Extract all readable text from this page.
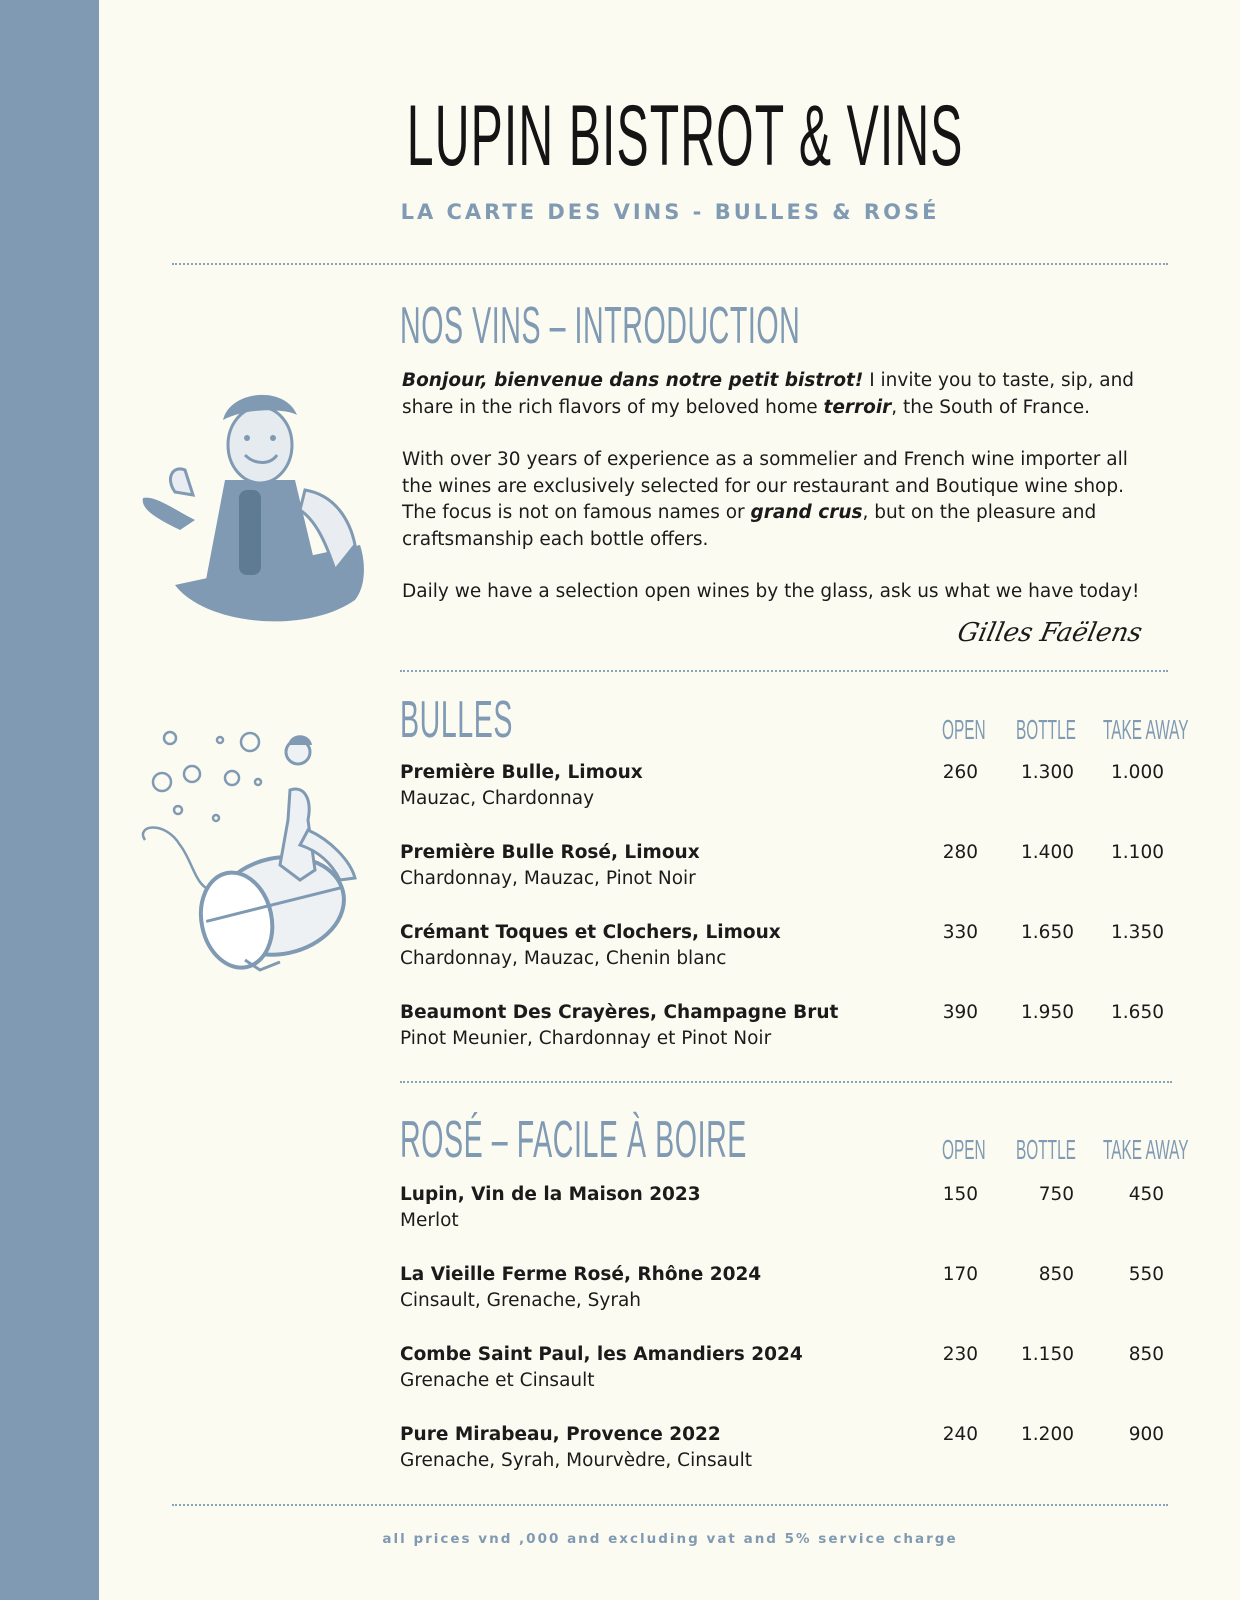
LUPIN BISTROT & VINS
LA CARTE DES VINS - BULLES & ROSÉ
NOS VINS – INTRODUCTION

Bonjour, bienvenue dans notre petit bistrot! I invite you to taste, sip, and share in the rich flavors of my beloved home terroir, the South of France.

With over 30 years of experience as a sommelier and French wine importer all the wines are exclusively selected for our restaurant and Boutique wine shop. The focus is not on famous names or grand crus, but on the pleasure and craftsmanship each bottle offers.

Daily we have a selection open wines by the glass, ask us what we have today!

Gilles Faëlens
BULLES	OPEN BOTTLE TAKE AWAY
Première Bulle, Limoux
Mauzac, Chardonnay
260	1.300	1.000
Première Bulle Rosé, Limoux
Chardonnay, Mauzac, Pinot Noir
280	1.400	1.100
Crémant Toques et Clochers, Limoux
Chardonnay, Mauzac, Chenin blanc
330	1.650	1.350
Beaumont Des Crayères, Champagne Brut
Pinot Meunier, Chardonnay et Pinot Noir
390	1.950	1.650
ROSÉ – FACILE À BOIRE	OPEN BOTTLE TAKE AWAY
Lupin, Vin de la Maison 2023
Merlot
150	750	450
La Vieille Ferme Rosé, Rhône 2024
Cinsault, Grenache, Syrah
170	850	550
Combe Saint Paul, les Amandiers 2024
Grenache et Cinsault
230	1.150	850
Pure Mirabeau, Provence 2022
Grenache, Syrah, Mourvèdre, Cinsault
240	1.200	900
all prices vnd ,000 and excluding vat and 5% service charge
